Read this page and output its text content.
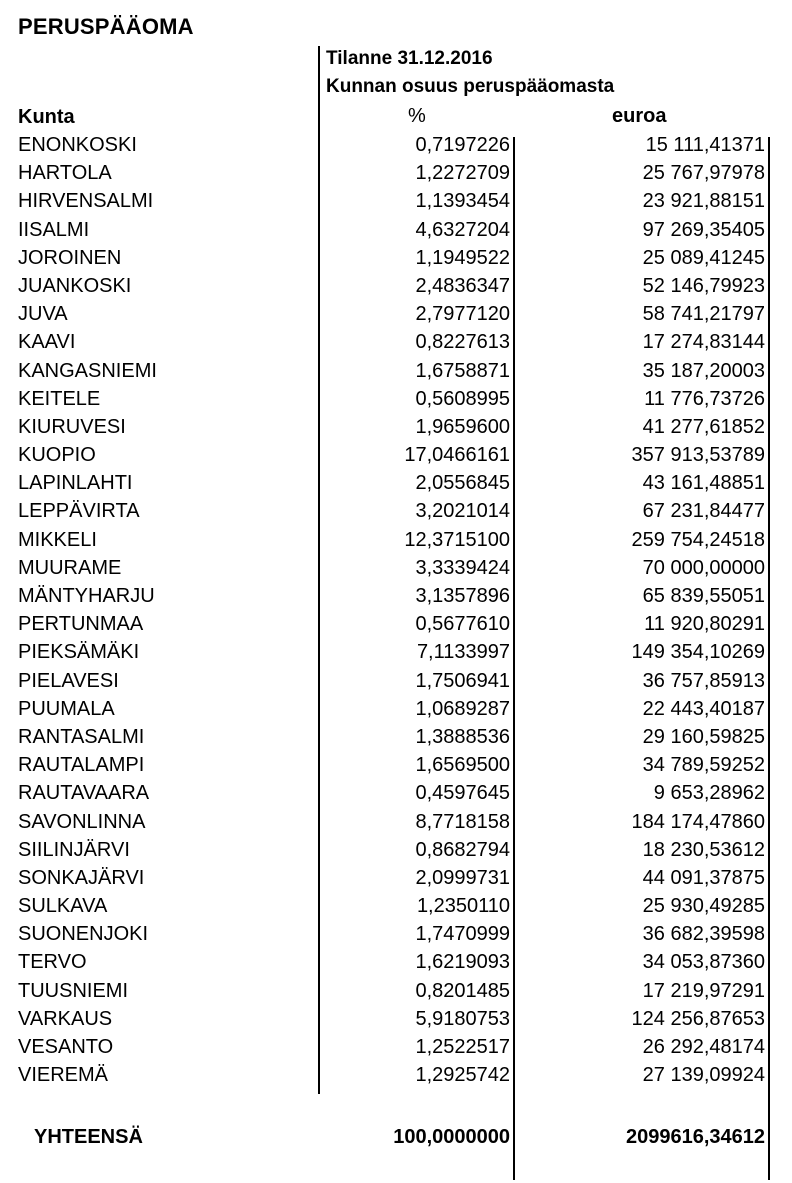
PERUSPÄÄOMA
Tilanne 31.12.2016
Kunnan osuus peruspääomasta
Kunta	%	euroa
ENONKOSKI	0,7197226	15 111,41371
HARTOLA	1,2272709	25 767,97978
HIRVENSALMI	1,1393454	23 921,88151
IISALMI	4,6327204	97 269,35405
JOROINEN	1,1949522	25 089,41245
JUANKOSKI	2,4836347	52 146,79923
JUVA	2,7977120	58 741,21797
KAAVI	0,8227613	17 274,83144
KANGASNIEMI	1,6758871	35 187,20003
KEITELE	0,5608995	11 776,73726
KIURUVESI	1,9659600	41 277,61852
KUOPIO	17,0466161	357 913,53789
LAPINLAHTI	2,0556845	43 161,48851
LEPPÄVIRTA	3,2021014	67 231,84477
MIKKELI	12,3715100	259 754,24518
MUURAME	3,3339424	70 000,00000
MÄNTYHARJU	3,1357896	65 839,55051
PERTUNMAA	0,5677610	11 920,80291
PIEKSÄMÄKI	7,1133997	149 354,10269
PIELAVESI	1,7506941	36 757,85913
PUUMALA	1,0689287	22 443,40187
RANTASALMI	1,3888536	29 160,59825
RAUTALAMPI	1,6569500	34 789,59252
RAUTAVAARA	0,4597645	9 653,28962
SAVONLINNA	8,7718158	184 174,47860
SIILINJÄRVI	0,8682794	18 230,53612
SONKAJÄRVI	2,0999731	44 091,37875
SULKAVA	1,2350110	25 930,49285
SUONENJOKI	1,7470999	36 682,39598
TERVO	1,6219093	34 053,87360
TUUSNIEMI	0,8201485	17 219,97291
VARKAUS	5,9180753	124 256,87653
VESANTO	1,2522517	26 292,48174
VIEREMÄ	1,2925742	27 139,09924
YHTEENSÄ	100,0000000	2099616,34612
